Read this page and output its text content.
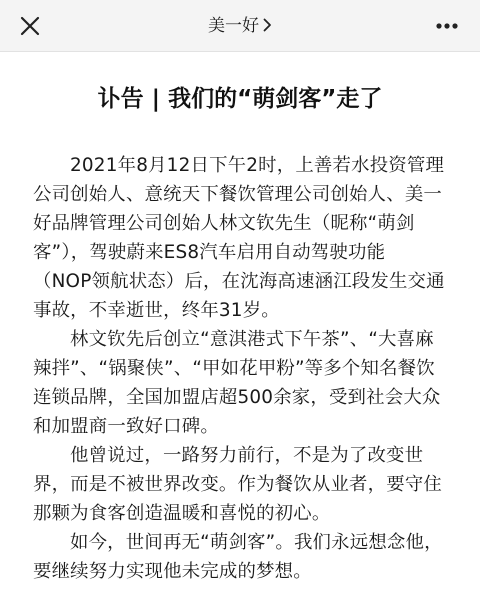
美一好
讣告 | 我们的“萌剑客”走了

2021年8月12日下午2时，上善若水投资管理
公司创始人、意统天下餐饮管理公司创始人、美一
好品牌管理公司创始人林文钦先生（昵称“萌剑
客”），驾驶蔚来ES8汽车启用自动驾驶功能
（NOP领航状态）后，在沈海高速涵江段发生交通
事故，不幸逝世，终年31岁。

林文钦先后创立“意淇港式下午茶”、“大喜麻
辣拌”、“锅聚侠”、“甲如花甲粉”等多个知名餐饮
连锁品牌，全国加盟店超500余家，受到社会大众
和加盟商一致好口碑。

他曾说过，一路努力前行，不是为了改变世
界，而是不被世界改变。作为餐饮从业者，要守住
那颗为食客创造温暖和喜悦的初心。

如今，世间再无“萌剑客”。我们永远想念他，
要继续努力实现他未完成的梦想。
